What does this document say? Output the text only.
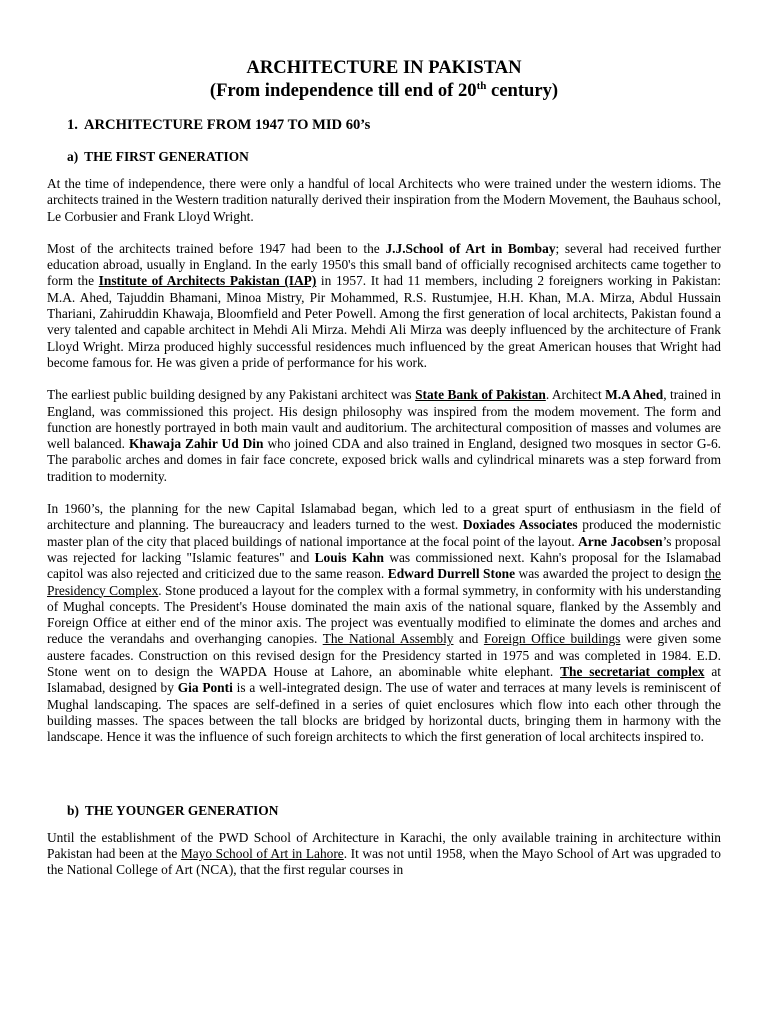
ARCHITECTURE IN PAKISTAN
(From independence till end of 20th century)
1. ARCHITECTURE FROM 1947 TO MID 60’s
a) THE FIRST GENERATION

At the time of independence, there were only a handful of local Architects who were trained under the western idioms. The architects trained in the Western tradition naturally derived their inspiration from the Modern Movement, the Bauhaus school, Le Corbusier and Frank Lloyd Wright.

Most of the architects trained before 1947 had been to the J.J.School of Art in Bombay; several had received further education abroad, usually in England. In the early 1950's this small band of officially recognised architects came together to form the Institute of Architects Pakistan (IAP) in 1957. It had 11 members, including 2 foreigners working in Pakistan: M.A. Ahed, Tajuddin Bhamani, Minoa Mistry, Pir Mohammed, R.S. Rustumjee, H.H. Khan, M.A. Mirza, Abdul Hussain Thariani, Zahiruddin Khawaja, Bloomfield and Peter Powell. Among the first generation of local architects, Pakistan found a very talented and capable architect in Mehdi Ali Mirza. Mehdi Ali Mirza was deeply influenced by the architecture of Frank Lloyd Wright. Mirza produced highly successful residences much influenced by the great American houses that Wright had become famous for. He was given a pride of performance for his work.

The earliest public building designed by any Pakistani architect was State Bank of Pakistan. Architect M.A Ahed, trained in England, was commissioned this project. His design philosophy was inspired from the modem movement. The form and function are honestly portrayed in both main vault and auditorium. The architectural composition of masses and volumes are well balanced. Khawaja Zahir Ud Din who joined CDA and also trained in England, designed two mosques in sector G-6. The parabolic arches and domes in fair face concrete, exposed brick walls and cylindrical minarets was a step forward from tradition to modernity.

In 1960’s, the planning for the new Capital Islamabad began, which led to a great spurt of enthusiasm in the field of architecture and planning. The bureaucracy and leaders turned to the west. Doxiades Associates produced the modernistic master plan of the city that placed buildings of national importance at the focal point of the layout. Arne Jacobsen’s proposal was rejected for lacking "Islamic features" and Louis Kahn was commissioned next. Kahn's proposal for the Islamabad capitol was also rejected and criticized due to the same reason. Edward Durrell Stone was awarded the project to design the Presidency Complex. Stone produced a layout for the complex with a formal symmetry, in conformity with his understanding of Mughal concepts. The President's House dominated the main axis of the national square, flanked by the Assembly and Foreign Office at either end of the minor axis. The project was eventually modified to eliminate the domes and arches and reduce the verandahs and overhanging canopies. The National Assembly and Foreign Office buildings were given some austere facades. Construction on this revised design for the Presidency started in 1975 and was completed in 1984. E.D. Stone went on to design the WAPDA House at Lahore, an abominable white elephant. The secretariat complex at Islamabad, designed by Gia Ponti is a well-integrated design. The use of water and terraces at many levels is reminiscent of Mughal landscaping. The spaces are self-defined in a series of quiet enclosures which flow into each other through the building masses. The spaces between the tall blocks are bridged by horizontal ducts, bringing them in harmony with the landscape. Hence it was the influence of such foreign architects to which the first generation of local architects inspired to.

b) THE YOUNGER GENERATION

Until the establishment of the PWD School of Architecture in Karachi, the only available training in architecture within Pakistan had been at the Mayo School of Art in Lahore. It was not until 1958, when the Mayo School of Art was upgraded to the National College of Art (NCA), that the first regular courses in
